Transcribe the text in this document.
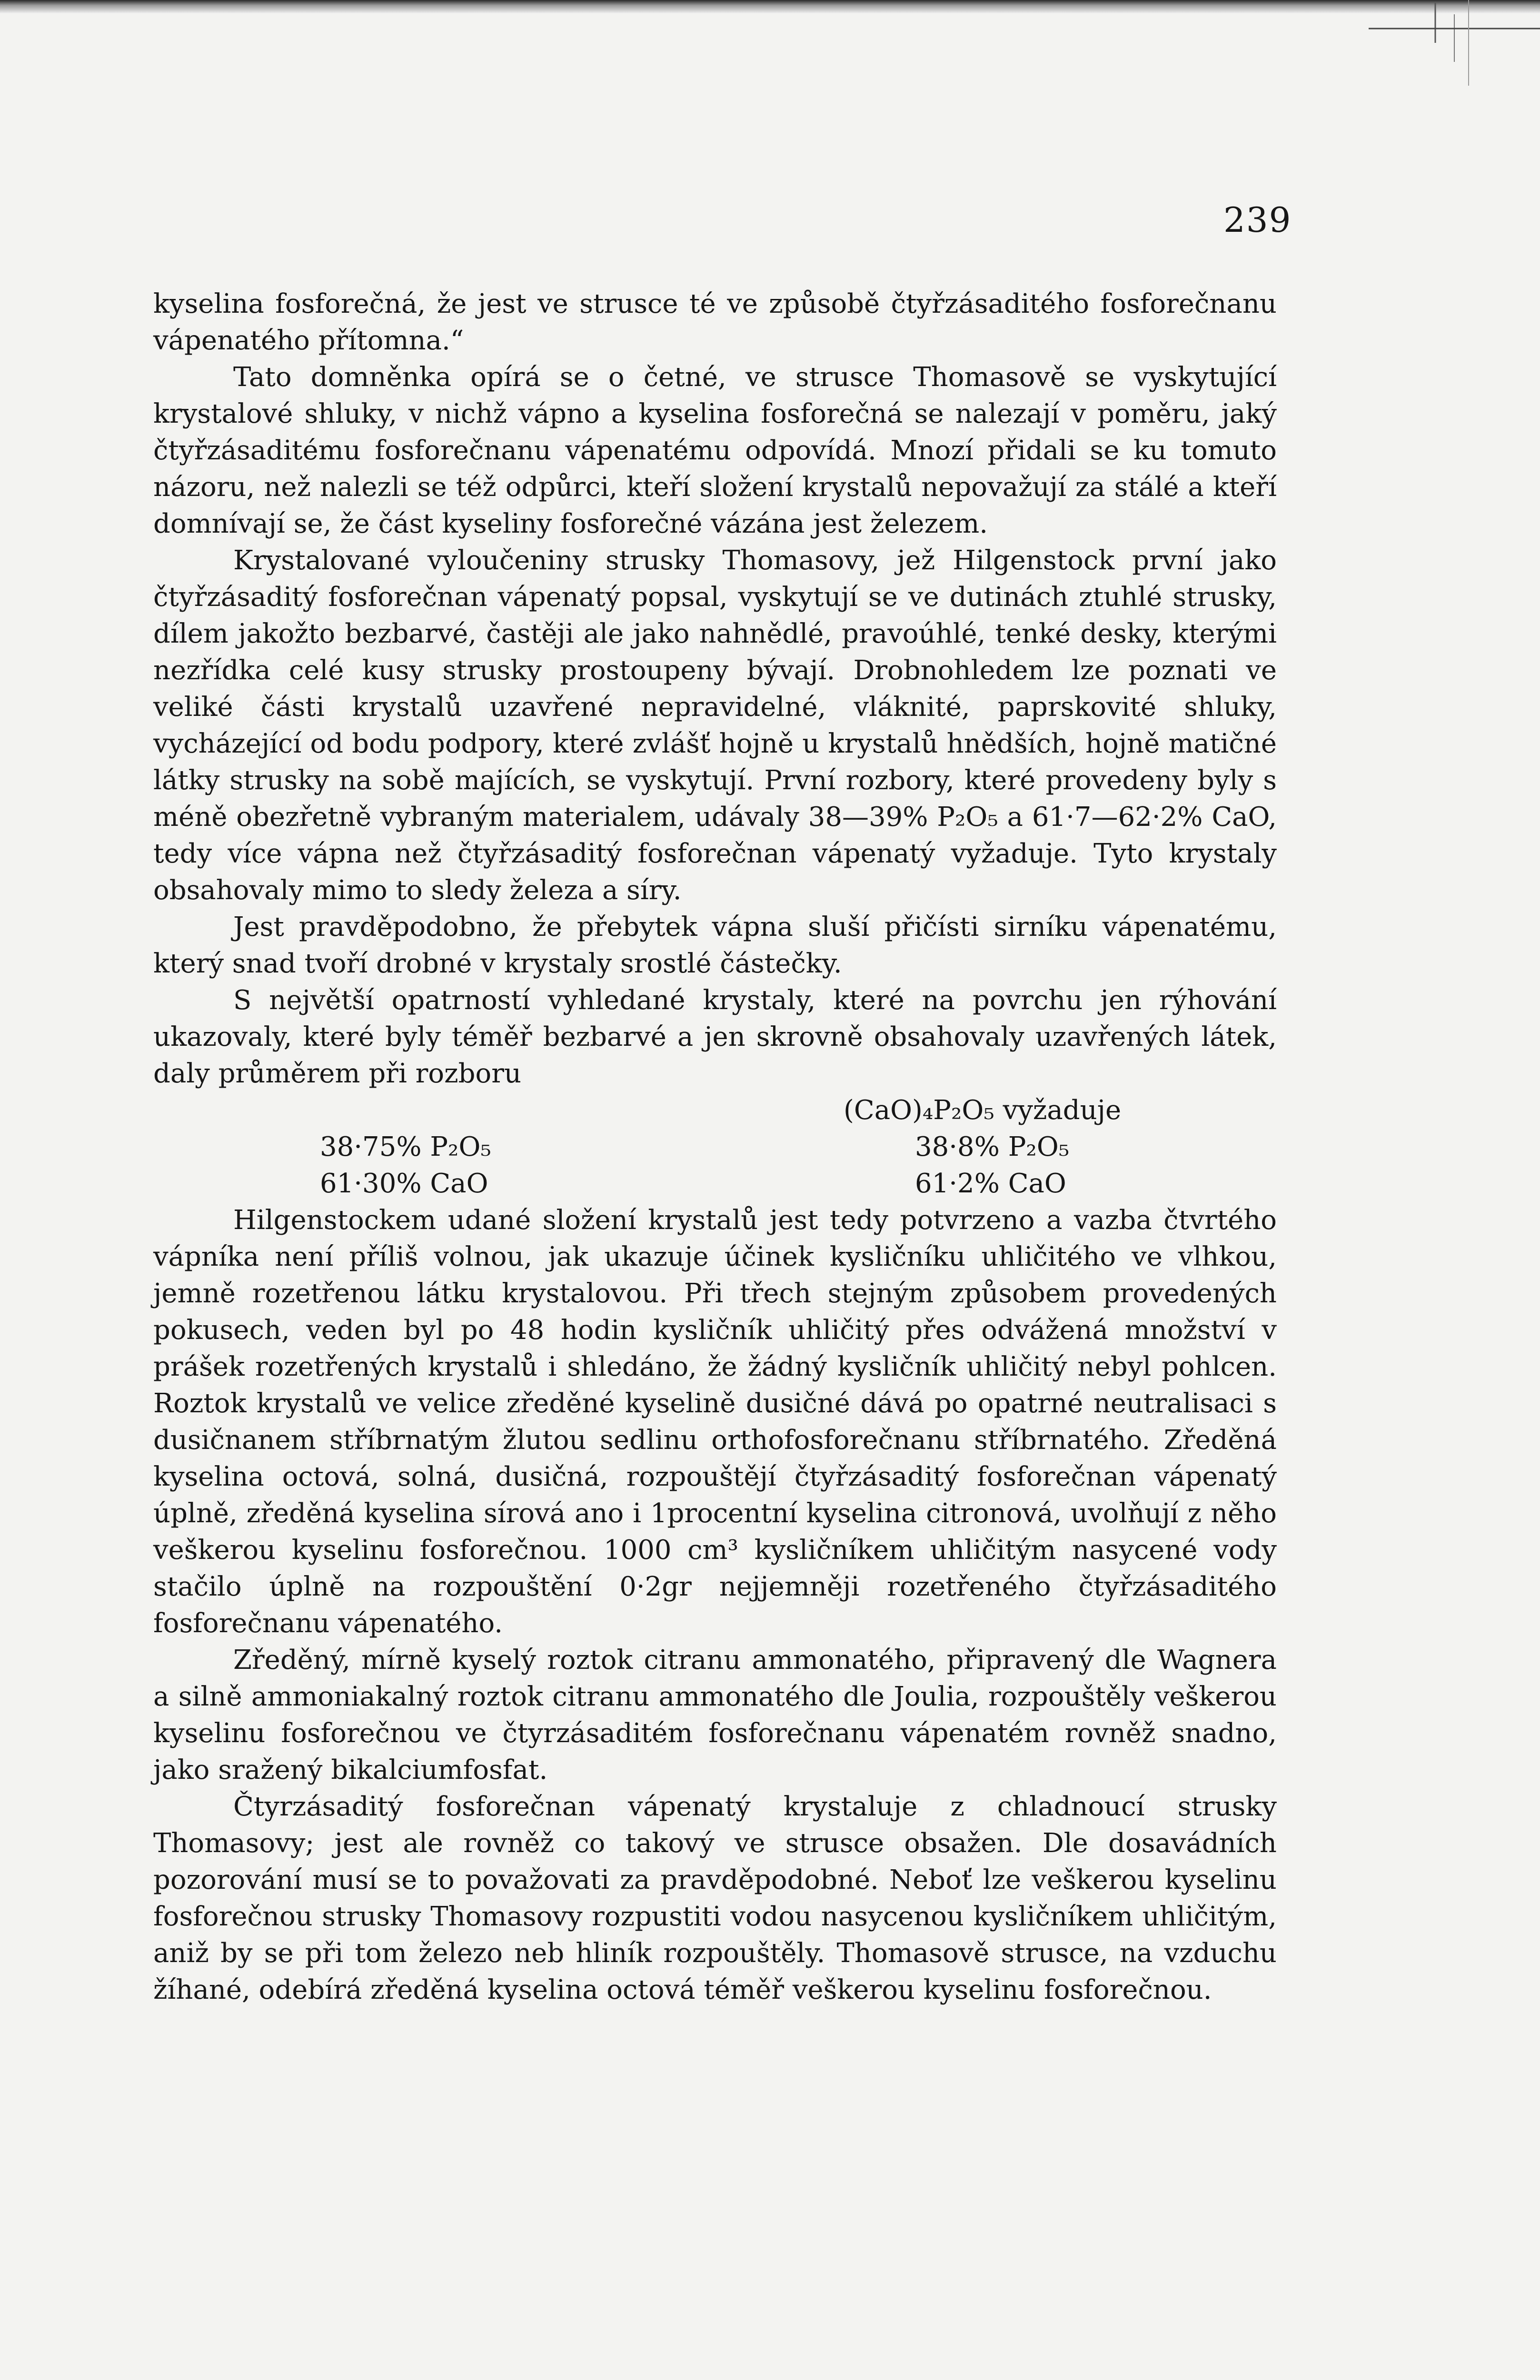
239

kyselina fosforečná, že jest ve strusce té ve způsobě čtyřzásaditého fosforečnanu vápenatého přítomna.“

Tato domněnka opírá se o četné, ve strusce Thomasově se vyskytující krystalové shluky, v nichž vápno a kyselina fosforečná se nalezají v poměru, jaký čtyřzásaditému fosforečnanu vápenatému odpovídá. Mnozí přidali se ku tomuto názoru, než nalezli se též odpůrci, kteří složení krystalů nepovažují za stálé a kteří domnívají se, že část kyseliny fosforečné vázána jest železem.

Krystalované vyloučeniny strusky Thomasovy, jež Hilgenstock první jako čtyřzásaditý fosforečnan vápenatý popsal, vyskytují se ve dutinách ztuhlé strusky, dílem jakožto bezbarvé, častěji ale jako nahnědlé, pravoúhlé, tenké desky, kterými nezřídka celé kusy strusky prostoupeny bývají. Drobnohledem lze poznati ve veliké části krystalů uzavřené nepravidelné, vláknité, paprskovité shluky, vycházející od bodu podpory, které zvlášť hojně u krystalů hnědších, hojně matičné látky strusky na sobě majících, se vyskytují. První rozbory, které provedeny byly s méně obezřetně vybraným materialem, udávaly 38—39% P₂O₅ a 61·7—62·2% CaO, tedy více vápna než čtyřzásaditý fosforečnan vápenatý vyžaduje. Tyto krystaly obsahovaly mimo to sledy železa a síry.

Jest pravděpodobno, že přebytek vápna sluší přičísti sirníku vápenatému, který snad tvoří drobné v krystaly srostlé částečky.

S největší opatrností vyhledané krystaly, které na povrchu jen rýhování ukazovaly, které byly téměř bezbarvé a jen skrovně obsahovaly uzavřených látek, daly průměrem při rozboru

(CaO)₄P₂O₅ vyžaduje
38·75% P₂O₅
61·30% CaO
38·8% P₂O₅
61·2% CaO

Hilgenstockem udané složení krystalů jest tedy potvrzeno a vazba čtvrtého vápníka není příliš volnou, jak ukazuje účinek kysličníku uhličitého ve vlhkou, jemně rozetřenou látku krystalovou. Při třech stejným způsobem provedených pokusech, veden byl po 48 hodin kysličník uhličitý přes odvážená množství v prášek rozetřených krystalů i shledáno, že žádný kysličník uhličitý nebyl pohlcen. Roztok krystalů ve velice zředěné kyselině dusičné dává po opatrné neutralisaci s dusičnanem stříbrnatým žlutou sedlinu orthofosforečnanu stříbrnatého. Zředěná kyselina octová, solná, dusičná, rozpouštějí čtyřzásaditý fosforečnan vápenatý úplně, zředěná kyselina sírová ano i 1procentní kyselina citronová, uvolňují z něho veškerou kyselinu fosforečnou. 1000 cm³ kysličníkem uhličitým nasycené vody stačilo úplně na rozpouštění 0·2gr nejjemněji rozetřeného čtyřzásaditého fosforečnanu vápenatého.

Zředěný, mírně kyselý roztok citranu ammonatého, připravený dle Wagnera a silně ammoniakalný roztok citranu ammonatého dle Joulia, rozpouštěly veškerou kyselinu fosforečnou ve čtyrzásaditém fosforečnanu vápenatém rovněž snadno, jako sražený bikalciumfosfat.

Čtyrzásaditý fosforečnan vápenatý krystaluje z chladnoucí strusky Thomasovy; jest ale rovněž co takový ve strusce obsažen. Dle dosavádních pozorování musí se to považovati za pravděpodobné. Neboť lze veškerou kyselinu fosforečnou strusky Thomasovy rozpustiti vodou nasycenou kysličníkem uhličitým, aniž by se při tom železo neb hliník rozpouštěly. Thomasově strusce, na vzduchu žíhané, odebírá zředěná kyselina octová téměř veškerou kyselinu fosforečnou.
